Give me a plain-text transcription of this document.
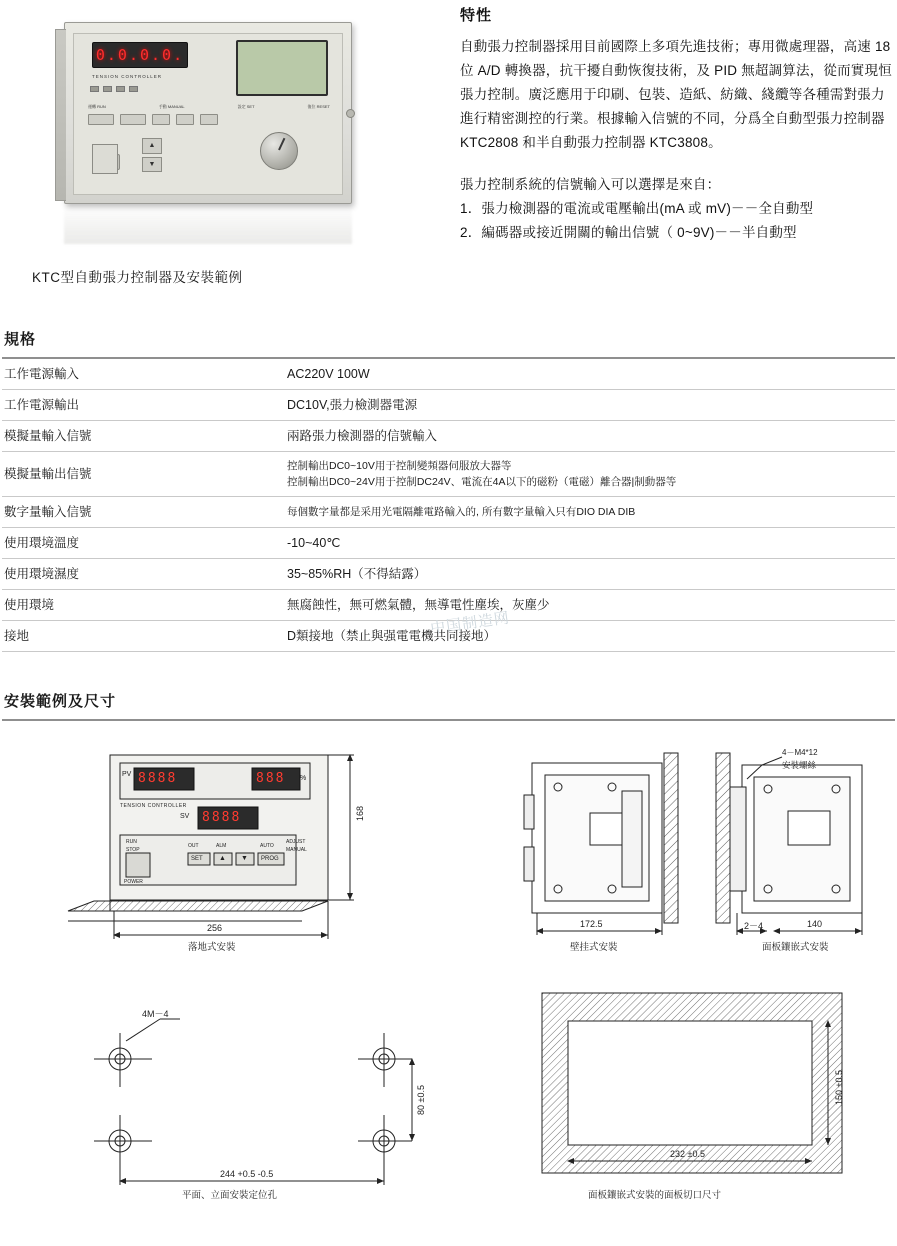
0.0.0.0.
TENSION CONTROLLER
運轉 RUN	手動 MANUAL	設定 SET	復位 RESET
▲
▼
KTC型自動張力控制器及安裝範例
特性

自動張力控制器採用目前國際上多項先進技術；專用微處理器，高速 18 位 A/D 轉換器，抗干擾自動恢復技術，及 PID 無超調算法，從而實現恒張力控制。廣泛應用于印刷、包裝、造紙、紡織、綫纜等各種需對張力進行精密測控的行業。根據輸入信號的不同，分爲全自動型張力控制器 KTC2808 和半自動張力控制器 KTC3808。

張力控制系統的信號輸入可以選擇是來自：

1．張力檢測器的電流或電壓輸出(mA 或 mV)－－全自動型

2．編碼器或接近開關的輸出信號（ 0~9V)－－半自動型

規格
工作電源輸入	AC220V 100W

工作電源輸出	DC10V,張力檢測器電源

模擬量輸入信號	兩路張力檢測器的信號輸入

模擬量輸出信號	控制輸出DC0~10V用于控制變頻器伺服放大器等
控制輸出DC0~24V用于控制DC24V、電流在4A以下的磁粉（電磁）離合器|制動器等

數字量輸入信號	每個數字量都是采用光電隔離電路輸入的, 所有數字量輸入只有DIO DIA DIB

使用環境溫度	-10~40℃

使用環境濕度	35~85%RH（不得結露）

使用環境	無腐蝕性，無可燃氣體，無導電性塵埃，灰塵少

接地	D類接地（禁止與强電電機共同接地）
安裝範例及尺寸
PV 8888	888 %
TENSION CONTROLLER
SV 8888
RUN
STOP
ADJUST
MANUAL
OUT	ALM	AUTO
POWER
SET ▲ ▼ PROG
168
256
落地式安裝
172.5
壁挂式安裝
4－M4*12
安裝螺絲
2－4	140
面板鑲嵌式安裝
4M－4
80 ±0.5
244 +0.5 -0.5
平面、立面安裝定位孔
150 ±0.5
232 ±0.5
面板鑲嵌式安裝的面板切口尺寸
中国制造网
